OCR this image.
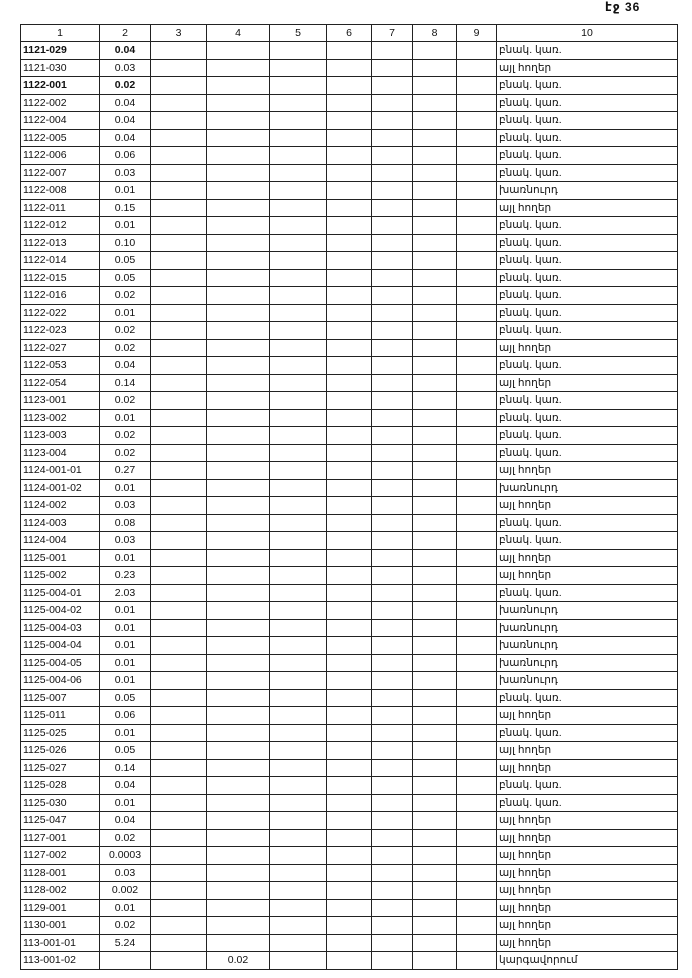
էջ 36
1	2	3	4	5	6	7	8	9	10
1121-029	0.04								բնակ. կառ.
1121-030	0.03								այլ հողեր
1122-001	0.02								բնակ. կառ.
1122-002	0.04								բնակ. կառ.
1122-004	0.04								բնակ. կառ.
1122-005	0.04								բնակ. կառ.
1122-006	0.06								բնակ. կառ.
1122-007	0.03								բնակ. կառ.
1122-008	0.01								խառնուրդ
1122-011	0.15								այլ հողեր
1122-012	0.01								բնակ. կառ.
1122-013	0.10								բնակ. կառ.
1122-014	0.05								բնակ. կառ.
1122-015	0.05								բնակ. կառ.
1122-016	0.02								բնակ. կառ.
1122-022	0.01								բնակ. կառ.
1122-023	0.02								բնակ. կառ.
1122-027	0.02								այլ հողեր
1122-053	0.04								բնակ. կառ.
1122-054	0.14								այլ հողեր
1123-001	0.02								բնակ. կառ.
1123-002	0.01								բնակ. կառ.
1123-003	0.02								բնակ. կառ.
1123-004	0.02								բնակ. կառ.
1124-001-01	0.27								այլ հողեր
1124-001-02	0.01								խառնուրդ
1124-002	0.03								այլ հողեր
1124-003	0.08								բնակ. կառ.
1124-004	0.03								բնակ. կառ.
1125-001	0.01								այլ հողեր
1125-002	0.23								այլ հողեր
1125-004-01	2.03								բնակ. կառ.
1125-004-02	0.01								խառնուրդ
1125-004-03	0.01								խառնուրդ
1125-004-04	0.01								խառնուրդ
1125-004-05	0.01								խառնուրդ
1125-004-06	0.01								խառնուրդ
1125-007	0.05								բնակ. կառ.
1125-011	0.06								այլ հողեր
1125-025	0.01								բնակ. կառ.
1125-026	0.05								այլ հողեր
1125-027	0.14								այլ հողեր
1125-028	0.04								բնակ. կառ.
1125-030	0.01								բնակ. կառ.
1125-047	0.04								այլ հողեր
1127-001	0.02								այլ հողեր
1127-002	0.0003								այլ հողեր
1128-001	0.03								այլ հողեր
1128-002	0.002								այլ հողեր
1129-001	0.01								այլ հողեր
1130-001	0.02								այլ հողեր
113-001-01	5.24								այլ հողեր
113-001-02			0.02						կարգավորում
